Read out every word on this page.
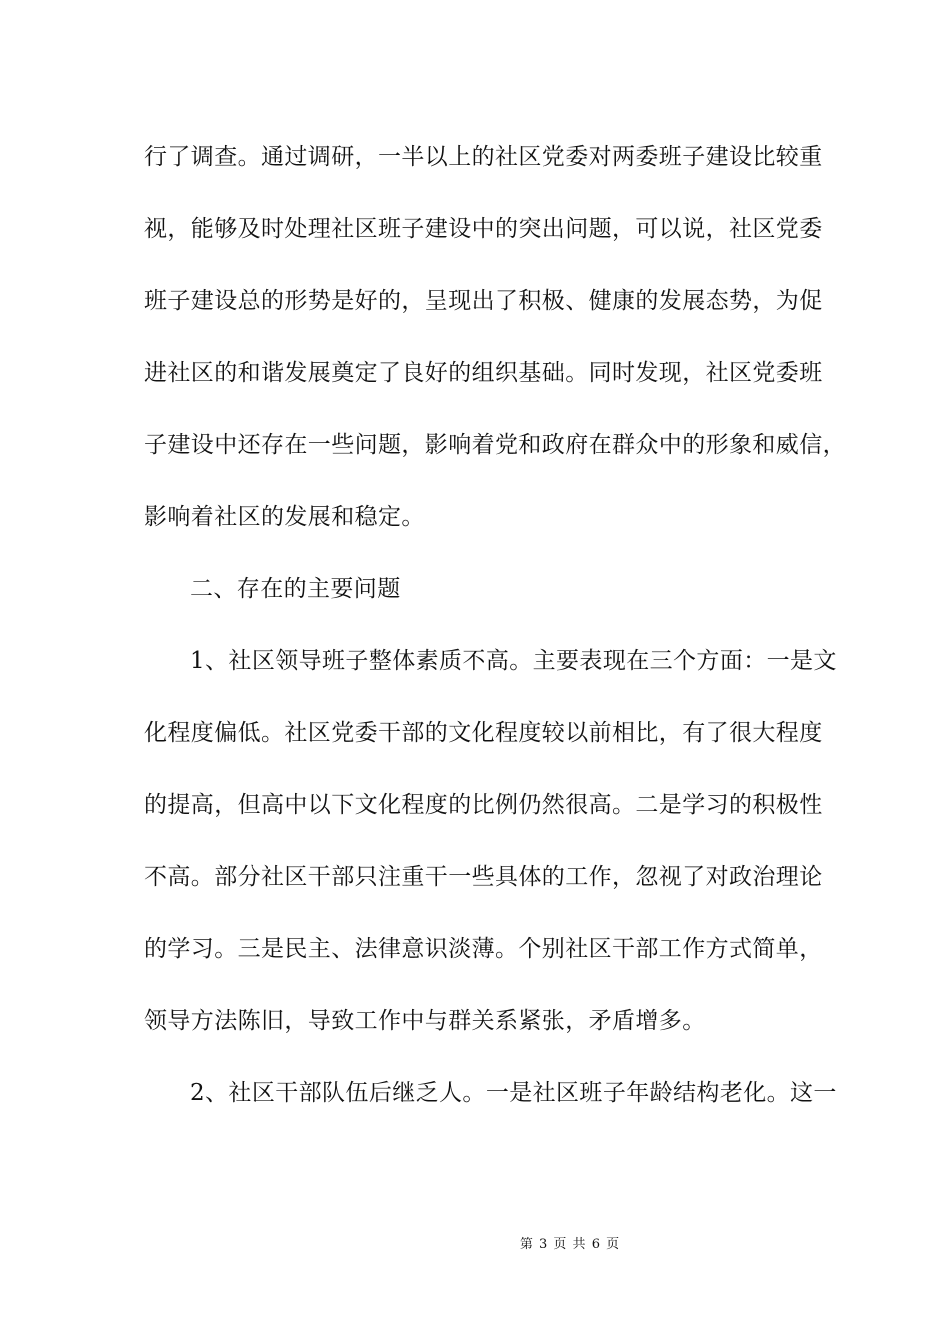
行了调查。通过调研，一半以上的社区党委对两委班子建设比较重
视，能够及时处理社区班子建设中的突出问题，可以说，社区党委
班子建设总的形势是好的，呈现出了积极、健康的发展态势，为促
进社区的和谐发展奠定了良好的组织基础。同时发现，社区党委班
子建设中还存在一些问题，影响着党和政府在群众中的形象和威信，
影响着社区的发展和稳定。
二、存在的主要问题
1、社区领导班子整体素质不高。主要表现在三个方面：一是文
化程度偏低。社区党委干部的文化程度较以前相比，有了很大程度
的提高，但高中以下文化程度的比例仍然很高。二是学习的积极性
不高。部分社区干部只注重干一些具体的工作，忽视了对政治理论
的学习。三是民主、法律意识淡薄。个别社区干部工作方式简单，
领导方法陈旧，导致工作中与群关系紧张，矛盾增多。
2、社区干部队伍后继乏人。一是社区班子年龄结构老化。这一
第 3 页 共 6 页
